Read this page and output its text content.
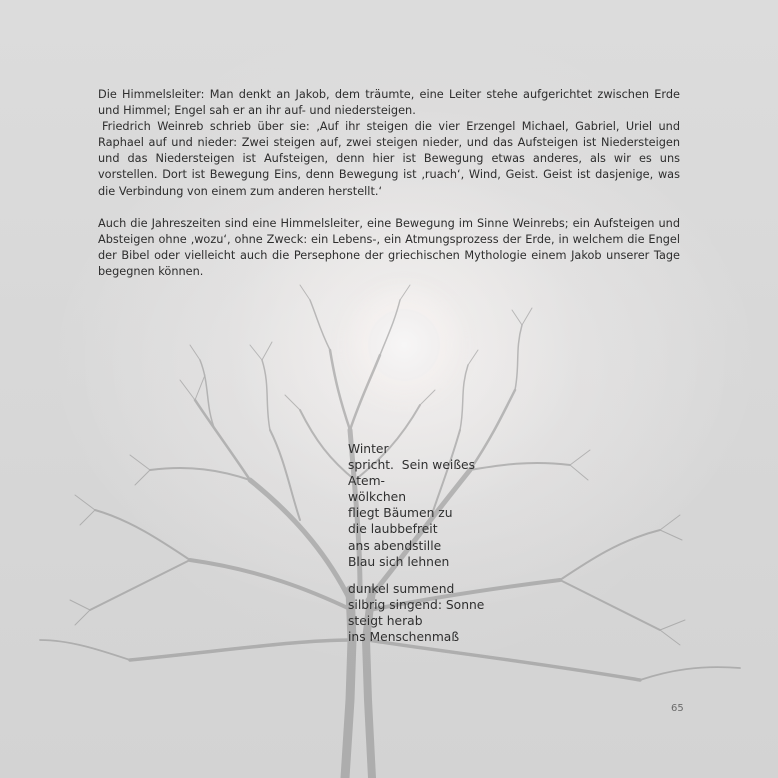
Die Himmelsleiter: Man denkt an Jakob, dem träumte, eine Leiter stehe aufgerichtet zwischen Erde und Himmel; Engel sah er an ihr auf- und niedersteigen.

Friedrich Weinreb schrieb über sie: ‚Auf ihr steigen die vier Erzengel Michael, Gabriel, Uriel und Raphael auf und nieder: Zwei steigen auf, zwei steigen nieder, und das Aufsteigen ist Niedersteigen und das Niedersteigen ist Aufsteigen, denn hier ist Bewegung etwas anderes, als wir es uns vorstellen. Dort ist Bewegung Eins, denn Bewegung ist ‚ruach‘, Wind, Geist. Geist ist dasjenige, was die Verbindung von einem zum anderen herstellt.‘

Auch die Jahreszeiten sind eine Himmelsleiter, eine Bewegung im Sinne Weinrebs; ein Aufsteigen und Absteigen ohne ‚wozu‘, ohne Zweck: ein Lebens-, ein Atmungsprozess der Erde, in welchem die Engel der Bibel oder vielleicht auch die Persephone der griechischen Mythologie einem Jakob unserer Tage begegnen können.

Winter
spricht.  Sein weißes
Atem-
wölkchen
fliegt Bäumen zu
die laubbefreit
ans abendstille
Blau sich lehnen
dunkel summend
silbrig singend: Sonne
steigt herab
ins Menschenmaß
65
